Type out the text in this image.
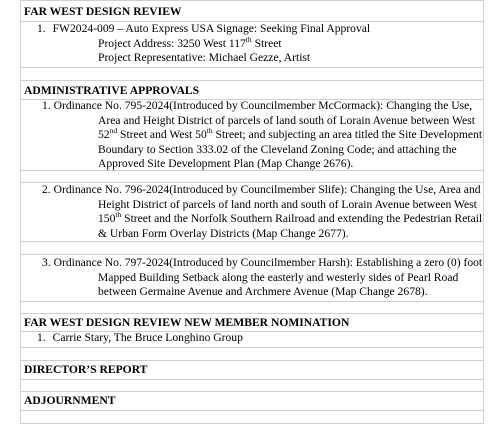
FAR WEST DESIGN REVIEW
1. FW2024-009 – Auto Express USA Signage: Seeking Final Approval
Project Address: 3250 West 117th Street
Project Representative: Michael Gezze, Artist
ADMINISTRATIVE APPROVALS
1. Ordinance No. 795-2024(Introduced by Councilmember McCormack): Changing the Use,
Area and Height District of parcels of land south of Lorain Avenue between West
52nd Street and West 50th Street; and subjecting an area titled the Site Development
Boundary to Section 333.02 of the Cleveland Zoning Code; and attaching the
Approved Site Development Plan (Map Change 2676).
2. Ordinance No. 796-2024(Introduced by Councilmember Slife): Changing the Use, Area and
Height District of parcels of land north and south of Lorain Avenue between West
150th Street and the Norfolk Southern Railroad and extending the Pedestrian Retail
& Urban Form Overlay Districts (Map Change 2677).
3. Ordinance No. 797-2024(Introduced by Councilmember Harsh): Establishing a zero (0) foot
Mapped Building Setback along the easterly and westerly sides of Pearl Road
between Germaine Avenue and Archmere Avenue (Map Change 2678).
FAR WEST DESIGN REVIEW NEW MEMBER NOMINATION
1. Carrie Stary, The Bruce Longhino Group
DIRECTOR’S REPORT
ADJOURNMENT
